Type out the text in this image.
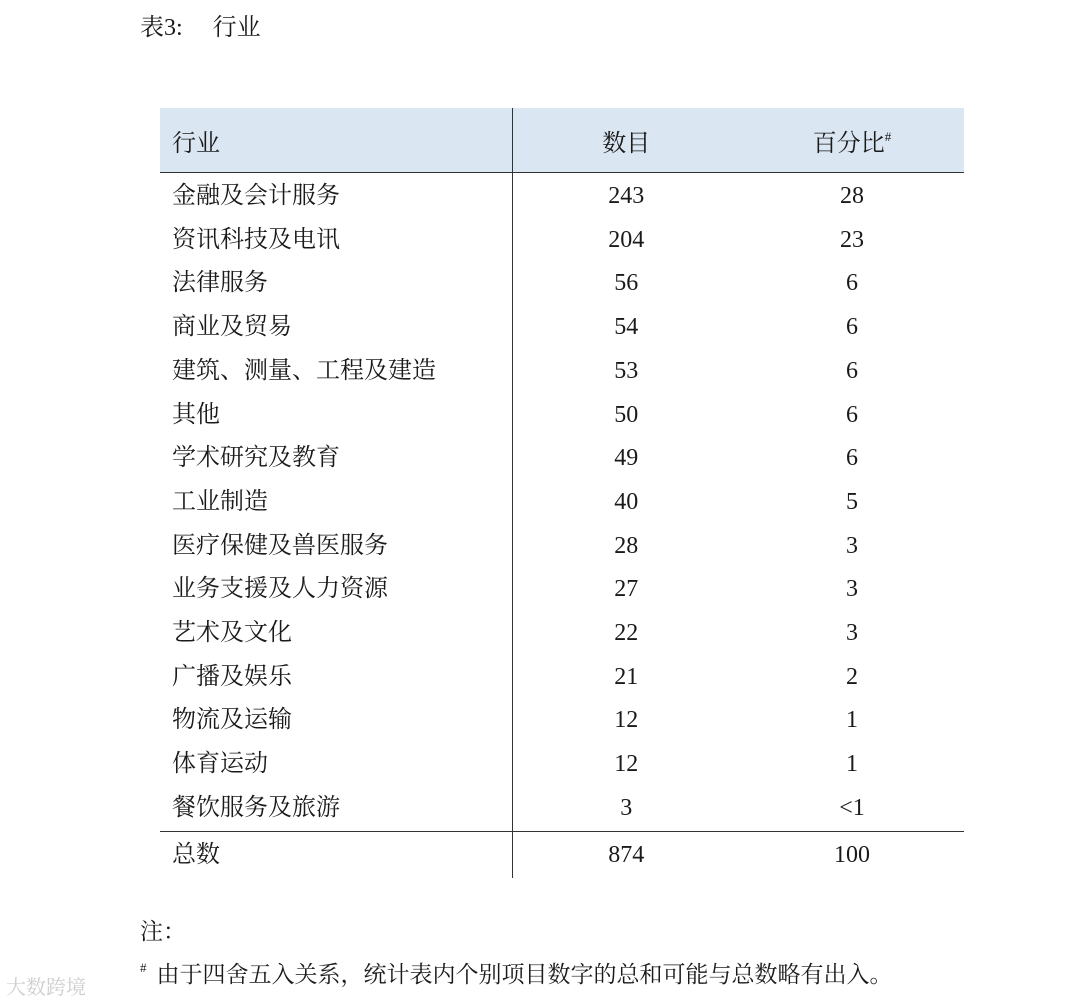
表3: 行业
行业	数目	百分比#
金融及会计服务	243	28
资讯科技及电讯	204	23
法律服务	56	6
商业及贸易	54	6
建筑、测量、工程及建造	53	6
其他	50	6
学术研究及教育	49	6
工业制造	40	5
医疗保健及兽医服务	28	3
业务支援及人力资源	27	3
艺术及文化	22	3
广播及娱乐	21	2
物流及运输	12	1
体育运动	12	1
餐饮服务及旅游	3	<1
总数	874	100
注：
# 由于四舍五入关系，统计表内个别项目数字的总和可能与总数略有出入。
大数跨境
